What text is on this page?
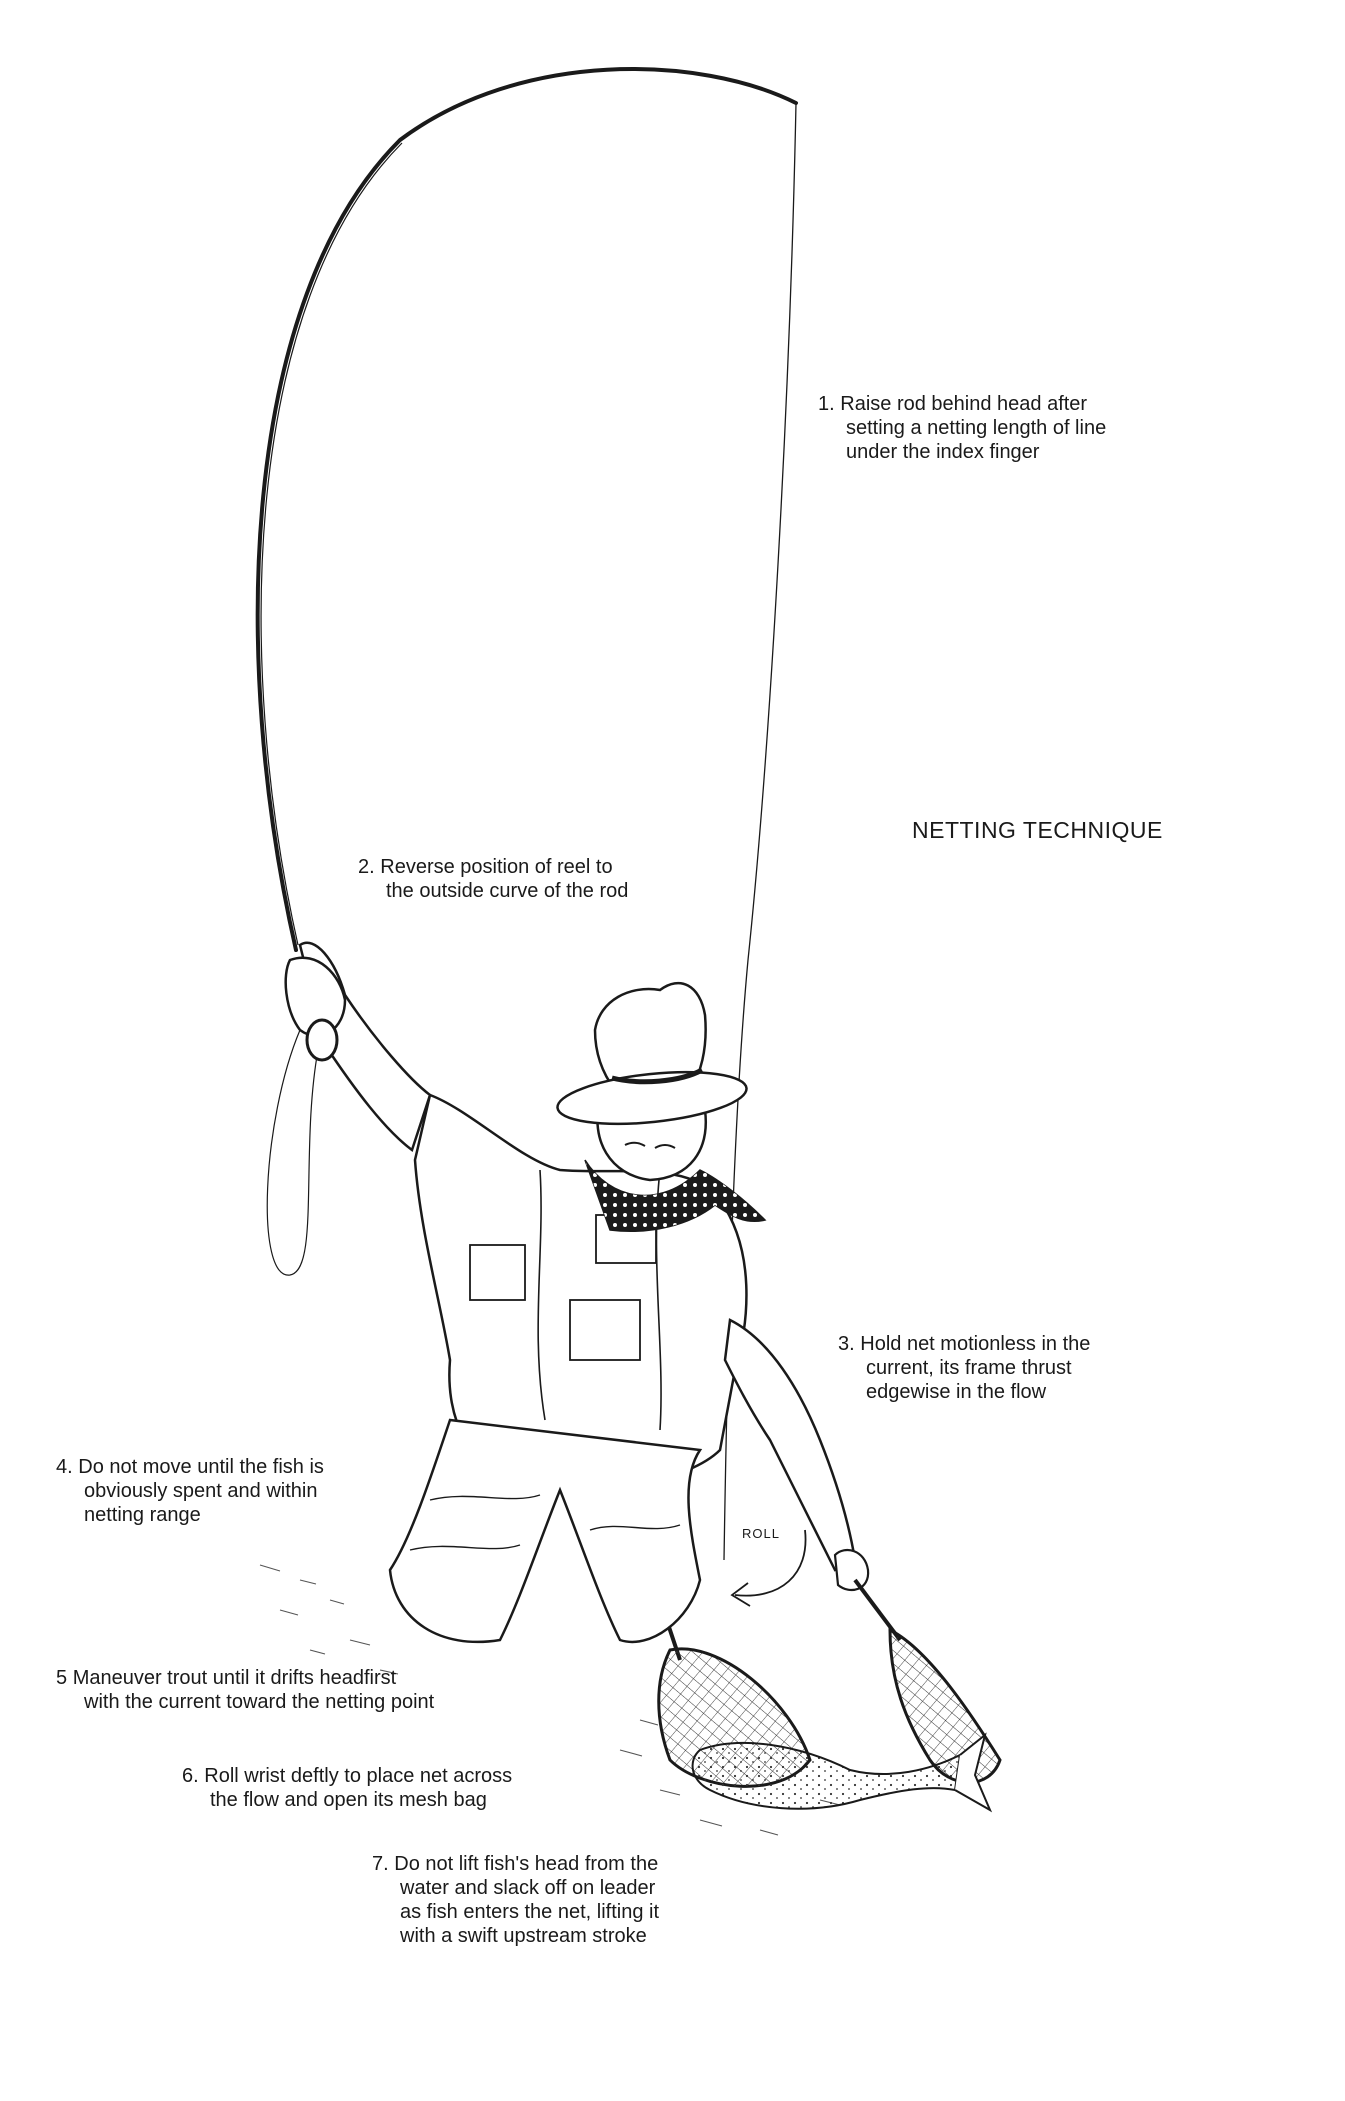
NETTING TECHNIQUE
ROLL
1. Raise rod behind head after
setting a netting length of line
under the index finger
2. Reverse position of reel to
the outside curve of the rod
3. Hold net motionless in the
current, its frame thrust
edgewise in the flow
4. Do not move until the fish is
obviously spent and within
netting range
5 Maneuver trout until it drifts headfirst
with the current toward the netting point
6. Roll wrist deftly to place net across
the flow and open its mesh bag
7. Do not lift fish's head from the
water and slack off on leader
as fish enters the net, lifting it
with a swift upstream stroke
